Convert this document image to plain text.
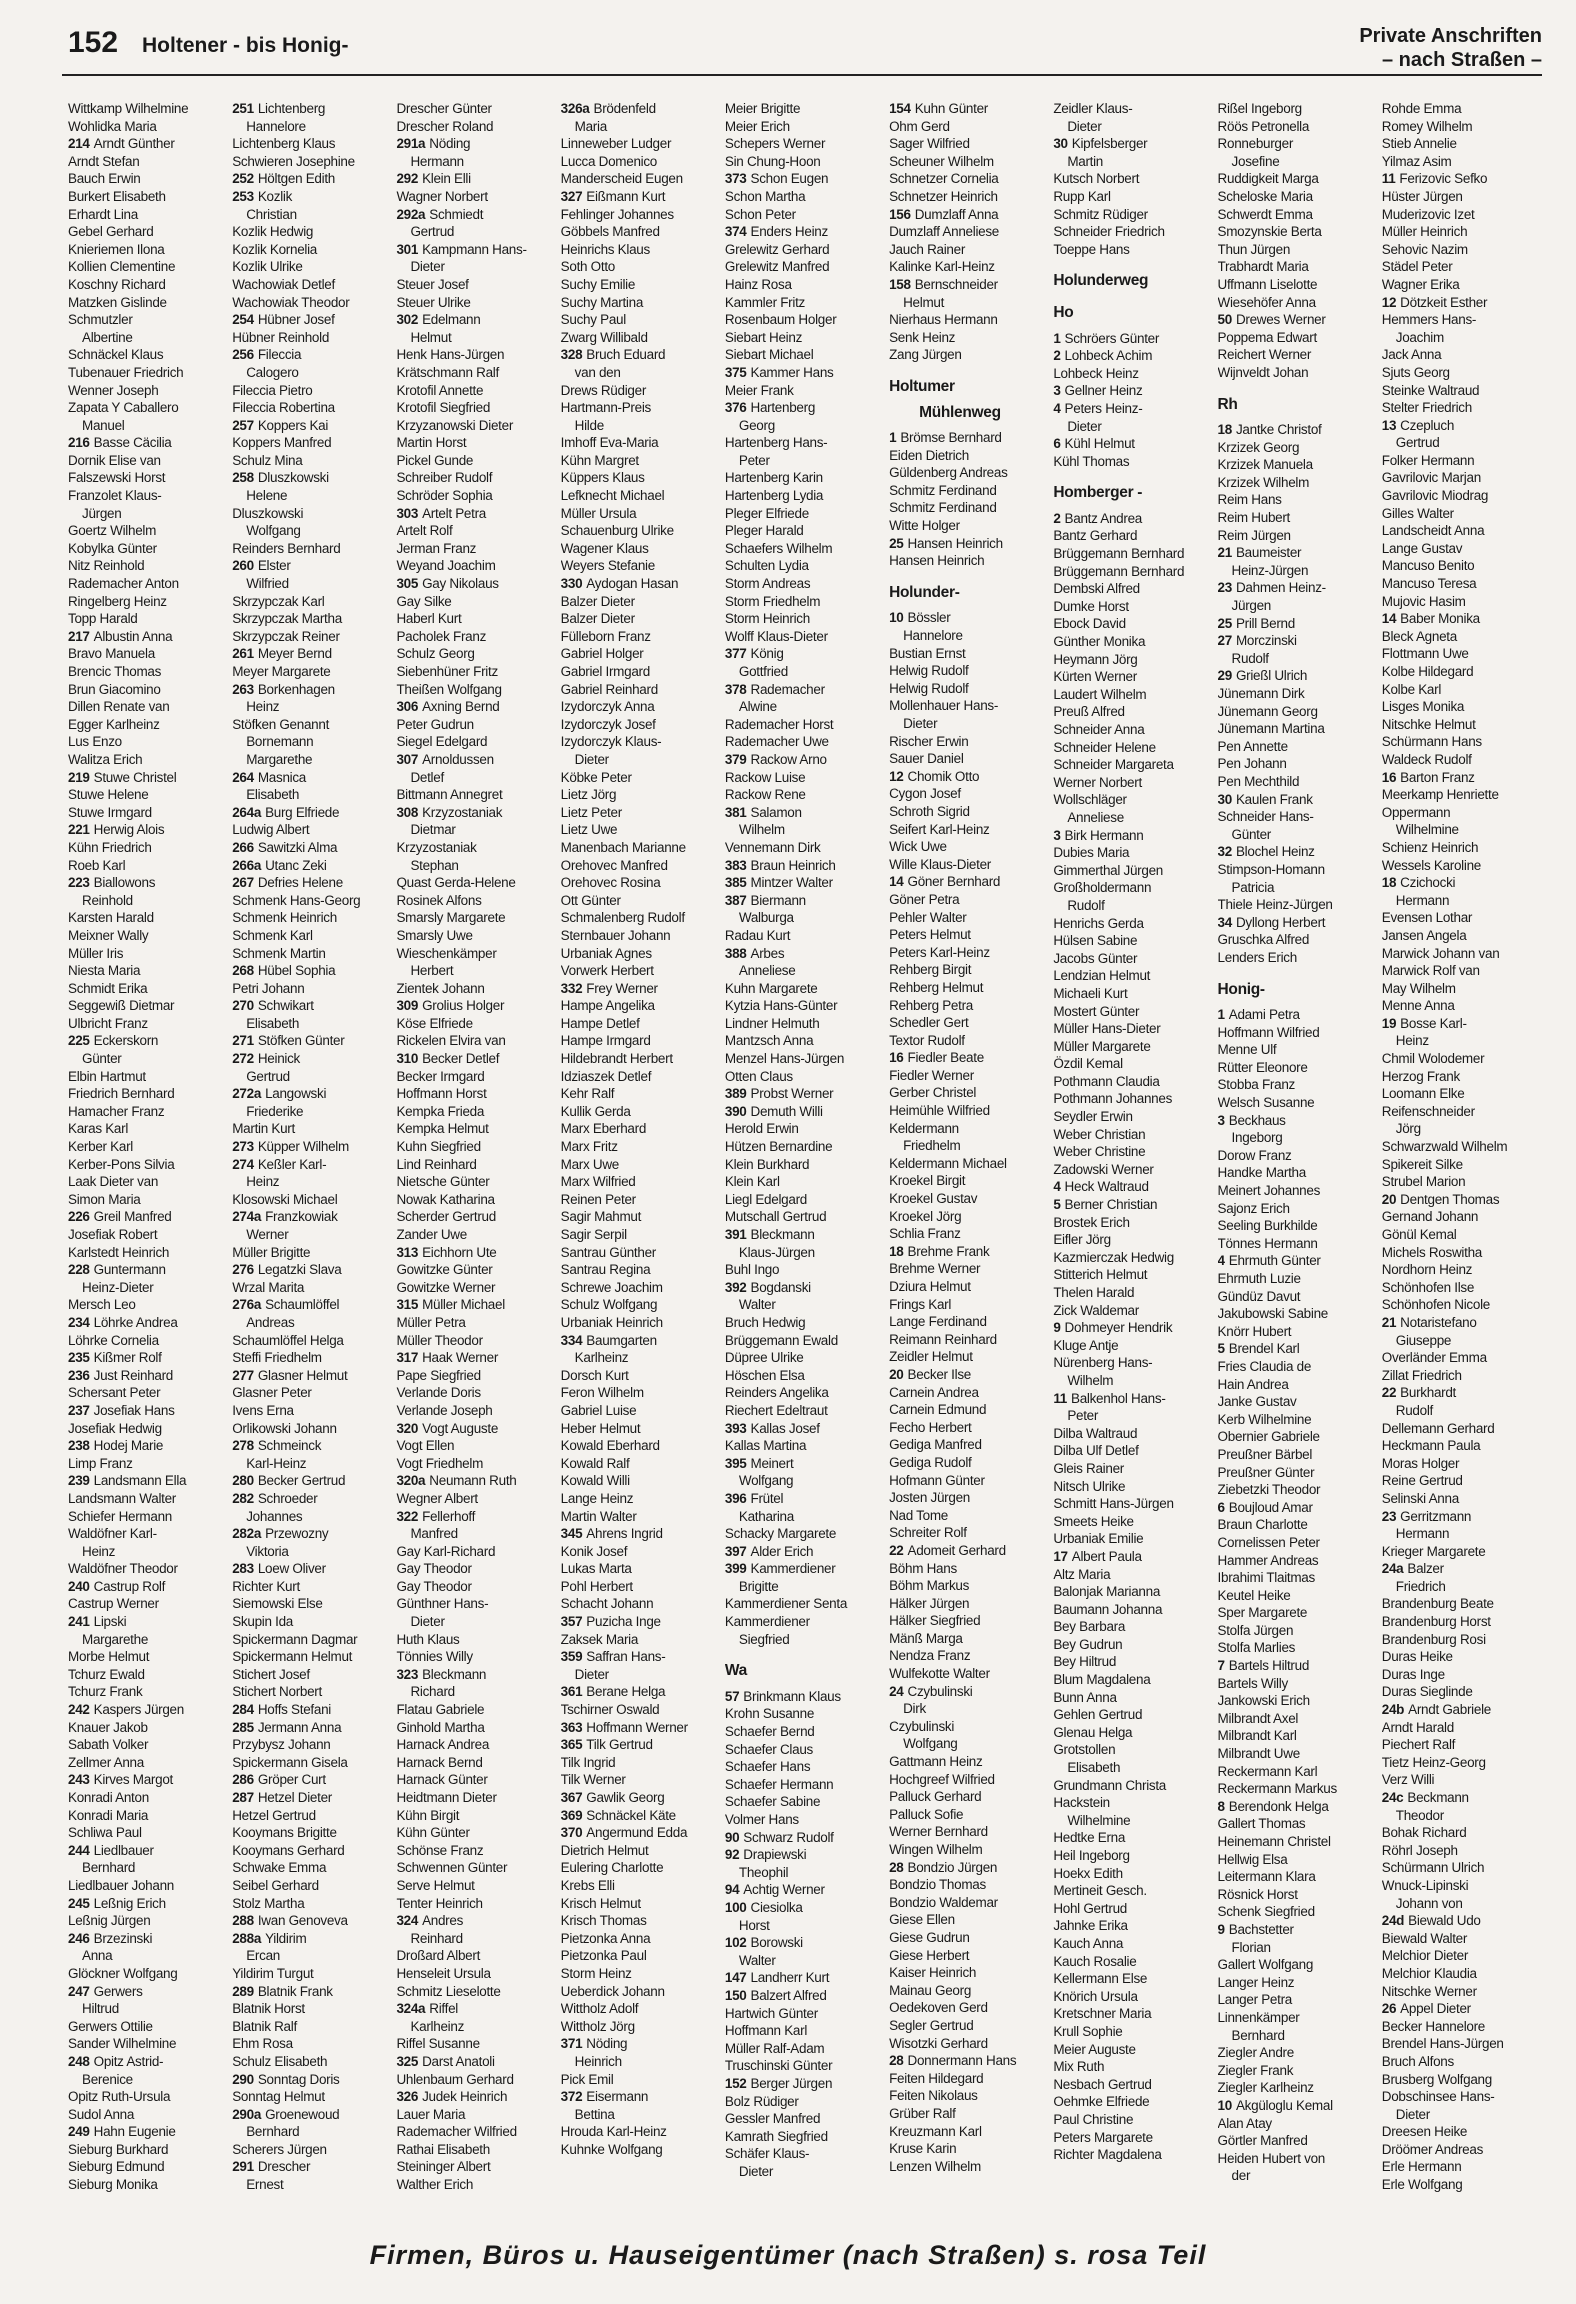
152 Holtener - bis Honig-	Private Anschriften
– nach Straßen –
Wittkamp Wilhelmine
Wohlidka Maria
214 Arndt Günther
Arndt Stefan
Bauch Erwin
Burkert Elisabeth
Erhardt Lina
Gebel Gerhard
Knieriemen Ilona
Kollien Clementine
Koschny Richard
Matzken Gislinde
Schmutzler
Albertine
Schnäckel Klaus
Tubenauer Friedrich
Wenner Joseph
Zapata Y Caballero
Manuel
216 Basse Cäcilia
Dornik Elise van
Falszewski Horst
Franzolet Klaus-
Jürgen
Goertz Wilhelm
Kobylka Günter
Nitz Reinhold
Rademacher Anton
Ringelberg Heinz
Topp Harald
217 Albustin Anna
Bravo Manuela
Brencic Thomas
Brun Giacomino
Dillen Renate van
Egger Karlheinz
Lus Enzo
Walitza Erich
219 Stuwe Christel
Stuwe Helene
Stuwe Irmgard
221 Herwig Alois
Kühn Friedrich
Roeb Karl
223 Biallowons
Reinhold
Karsten Harald
Meixner Wally
Müller Iris
Niesta Maria
Schmidt Erika
Seggewiß Dietmar
Ulbricht Franz
225 Eckerskorn
Günter
Elbin Hartmut
Friedrich Bernhard
Hamacher Franz
Karas Karl
Kerber Karl
Kerber-Pons Silvia
Laak Dieter van
Simon Maria
226 Greil Manfred
Josefiak Robert
Karlstedt Heinrich
228 Guntermann
Heinz-Dieter
Mersch Leo
234 Löhrke Andrea
Löhrke Cornelia
235 Kißmer Rolf
236 Just Reinhard
Schersant Peter
237 Josefiak Hans
Josefiak Hedwig
238 Hodej Marie
Limp Franz
239 Landsmann Ella
Landsmann Walter
Schiefer Hermann
Waldöfner Karl-
Heinz
Waldöfner Theodor
240 Castrup Rolf
Castrup Werner
241 Lipski
Margarethe
Morbe Helmut
Tchurz Ewald
Tchurz Frank
242 Kaspers Jürgen
Knauer Jakob
Sabath Volker
Zellmer Anna
243 Kirves Margot
Konradi Anton
Konradi Maria
Schliwa Paul
244 Liedlbauer
Bernhard
Liedlbauer Johann
245 Leßnig Erich
Leßnig Jürgen
246 Brzezinski
Anna
Glöckner Wolfgang
247 Gerwers
Hiltrud
Gerwers Ottilie
Sander Wilhelmine
248 Opitz Astrid-
Berenice
Opitz Ruth-Ursula
Sudol Anna
249 Hahn Eugenie
Sieburg Burkhard
Sieburg Edmund
Sieburg Monika
251 Lichtenberg
Hannelore
Lichtenberg Klaus
Schwieren Josephine
252 Höltgen Edith
253 Kozlik
Christian
Kozlik Hedwig
Kozlik Kornelia
Kozlik Ulrike
Wachowiak Detlef
Wachowiak Theodor
254 Hübner Josef
Hübner Reinhold
256 Fileccia
Calogero
Fileccia Pietro
Fileccia Robertina
257 Koppers Kai
Koppers Manfred
Schulz Mina
258 Dluszkowski
Helene
Dluszkowski
Wolfgang
Reinders Bernhard
260 Elster
Wilfried
Skrzypczak Karl
Skrzypczak Martha
Skrzypczak Reiner
261 Meyer Bernd
Meyer Margarete
263 Borkenhagen
Heinz
Stöfken Genannt
Bornemann
Margarethe
264 Masnica
Elisabeth
264a Burg Elfriede
Ludwig Albert
266 Sawitzki Alma
266a Utanc Zeki
267 Defries Helene
Schmenk Hans-Georg
Schmenk Heinrich
Schmenk Karl
Schmenk Martin
268 Hübel Sophia
Petri Johann
270 Schwikart
Elisabeth
271 Stöfken Günter
272 Heinick
Gertrud
272a Langowski
Friederike
Martin Kurt
273 Küpper Wilhelm
274 Keßler Karl-
Heinz
Klosowski Michael
274a Franzkowiak
Werner
Müller Brigitte
276 Legatzki Slava
Wrzal Marita
276a Schaumlöffel
Andreas
Schaumlöffel Helga
Steffi Friedhelm
277 Glasner Helmut
Glasner Peter
Ivens Erna
Orlikowski Johann
278 Schmeinck
Karl-Heinz
280 Becker Gertrud
282 Schroeder
Johannes
282a Przewozny
Viktoria
283 Loew Oliver
Richter Kurt
Siemowski Else
Skupin Ida
Spickermann Dagmar
Spickermann Helmut
Stichert Josef
Stichert Norbert
284 Hoffs Stefani
285 Jermann Anna
Przybysz Johann
Spickermann Gisela
286 Gröper Curt
287 Hetzel Dieter
Hetzel Gertrud
Kooymans Brigitte
Kooymans Gerhard
Schwake Emma
Seibel Gerhard
Stolz Martha
288 Iwan Genoveva
288a Yildirim
Ercan
Yildirim Turgut
289 Blatnik Frank
Blatnik Horst
Blatnik Ralf
Ehm Rosa
Schulz Elisabeth
290 Sonntag Doris
Sonntag Helmut
290a Groenewoud
Bernhard
Scherers Jürgen
291 Drescher
Ernest
Drescher Günter
Drescher Roland
291a Nöding
Hermann
292 Klein Elli
Wagner Norbert
292a Schmiedt
Gertrud
301 Kampmann Hans-
Dieter
Steuer Josef
Steuer Ulrike
302 Edelmann
Helmut
Henk Hans-Jürgen
Krätschmann Ralf
Krotofil Annette
Krotofil Siegfried
Krzyzanowski Dieter
Martin Horst
Pickel Gunde
Schreiber Rudolf
Schröder Sophia
303 Artelt Petra
Artelt Rolf
Jerman Franz
Weyand Joachim
305 Gay Nikolaus
Gay Silke
Haberl Kurt
Pacholek Franz
Schulz Georg
Siebenhüner Fritz
Theißen Wolfgang
306 Axning Bernd
Peter Gudrun
Siegel Edelgard
307 Arnoldussen
Detlef
Bittmann Annegret
308 Krzyzostaniak
Dietmar
Krzyzostaniak
Stephan
Quast Gerda-Helene
Rosinek Alfons
Smarsly Margarete
Smarsly Uwe
Wieschenkämper
Herbert
Zientek Johann
309 Grolius Holger
Köse Elfriede
Rickelen Elvira van
310 Becker Detlef
Becker Irmgard
Hoffmann Horst
Kempka Frieda
Kempka Helmut
Kuhn Siegfried
Lind Reinhard
Nietsche Günter
Nowak Katharina
Scherder Gertrud
Zander Uwe
313 Eichhorn Ute
Gowitzke Günter
Gowitzke Werner
315 Müller Michael
Müller Petra
Müller Theodor
317 Haak Werner
Pape Siegfried
Verlande Doris
Verlande Joseph
320 Vogt Auguste
Vogt Ellen
Vogt Friedhelm
320a Neumann Ruth
Wegner Albert
322 Fellerhoff
Manfred
Gay Karl-Richard
Gay Theodor
Gay Theodor
Günthner Hans-
Dieter
Huth Klaus
Tönnies Willy
323 Bleckmann
Richard
Flatau Gabriele
Ginhold Martha
Harnack Andrea
Harnack Bernd
Harnack Günter
Heidtmann Dieter
Kühn Birgit
Kühn Günter
Schönse Franz
Schwennen Günter
Serve Helmut
Tenter Heinrich
324 Andres
Reinhard
Droßard Albert
Henseleit Ursula
Schmitz Lieselotte
324a Riffel
Karlheinz
Riffel Susanne
325 Darst Anatoli
Uhlenbaum Gerhard
326 Judek Heinrich
Lauer Maria
Rademacher Wilfried
Rathai Elisabeth
Steininger Albert
Walther Erich
326a Brödenfeld
Maria
Linneweber Ludger
Lucca Domenico
Manderscheid Eugen
327 Eißmann Kurt
Fehlinger Johannes
Göbbels Manfred
Heinrichs Klaus
Soth Otto
Suchy Emilie
Suchy Martina
Suchy Paul
Zwarg Willibald
328 Bruch Eduard
van den
Drews Rüdiger
Hartmann-Preis
Hilde
Imhoff Eva-Maria
Kühn Margret
Küppers Klaus
Lefknecht Michael
Müller Ursula
Schauenburg Ulrike
Wagener Klaus
Weyers Stefanie
330 Aydogan Hasan
Balzer Dieter
Balzer Dieter
Fülleborn Franz
Gabriel Holger
Gabriel Irmgard
Gabriel Reinhard
Izydorczyk Anna
Izydorczyk Josef
Izydorczyk Klaus-
Dieter
Köbke Peter
Lietz Jörg
Lietz Peter
Lietz Uwe
Manenbach Marianne
Orehovec Manfred
Orehovec Rosina
Ott Günter
Schmalenberg Rudolf
Sternbauer Johann
Urbaniak Agnes
Vorwerk Herbert
332 Frey Werner
Hampe Angelika
Hampe Detlef
Hampe Irmgard
Hildebrandt Herbert
Idziaszek Detlef
Kehr Ralf
Kullik Gerda
Marx Eberhard
Marx Fritz
Marx Uwe
Marx Wilfried
Reinen Peter
Sagir Mahmut
Sagir Serpil
Santrau Günther
Santrau Regina
Schrewe Joachim
Schulz Wolfgang
Urbaniak Heinrich
334 Baumgarten
Karlheinz
Dorsch Kurt
Feron Wilhelm
Gabriel Luise
Heber Helmut
Kowald Eberhard
Kowald Ralf
Kowald Willi
Lange Heinz
Martin Walter
345 Ahrens Ingrid
Konik Josef
Lukas Marta
Pohl Herbert
Schacht Johann
357 Puzicha Inge
Zaksek Maria
359 Saffran Hans-
Dieter
361 Berane Helga
Tschirner Oswald
363 Hoffmann Werner
365 Tilk Gertrud
Tilk Ingrid
Tilk Werner
367 Gawlik Georg
369 Schnäckel Käte
370 Angermund Edda
Dietrich Helmut
Eulering Charlotte
Krebs Elli
Krisch Helmut
Krisch Thomas
Pietzonka Anna
Pietzonka Paul
Storm Heinz
Ueberdick Johann
Wittholz Adolf
Wittholz Jörg
371 Nöding
Heinrich
Pick Emil
372 Eisermann
Bettina
Hrouda Karl-Heinz
Kuhnke Wolfgang
Meier Brigitte
Meier Erich
Schepers Werner
Sin Chung-Hoon
373 Schon Eugen
Schon Martha
Schon Peter
374 Enders Heinz
Grelewitz Gerhard
Grelewitz Manfred
Hainz Rosa
Kammler Fritz
Rosenbaum Holger
Siebart Heinz
Siebart Michael
375 Kammer Hans
Meier Frank
376 Hartenberg
Georg
Hartenberg Hans-
Peter
Hartenberg Karin
Hartenberg Lydia
Pleger Elfriede
Pleger Harald
Schaefers Wilhelm
Schulten Lydia
Storm Andreas
Storm Friedhelm
Storm Heinrich
Wolff Klaus-Dieter
377 König
Gottfried
378 Rademacher
Alwine
Rademacher Horst
Rademacher Uwe
379 Rackow Arno
Rackow Luise
Rackow Rene
381 Salamon
Wilhelm
Vennemann Dirk
383 Braun Heinrich
385 Mintzer Walter
387 Biermann
Walburga
Radau Kurt
388 Arbes
Anneliese
Kuhn Margarete
Kytzia Hans-Günter
Lindner Helmuth
Mantzsch Anna
Menzel Hans-Jürgen
Otten Claus
389 Probst Werner
390 Demuth Willi
Herold Erwin
Hützen Bernardine
Klein Burkhard
Klein Karl
Liegl Edelgard
Mutschall Gertrud
391 Bleckmann
Klaus-Jürgen
Buhl Ingo
392 Bogdanski
Walter
Bruch Hedwig
Brüggemann Ewald
Düpree Ulrike
Höschen Elsa
Reinders Angelika
Riechert Edeltraut
393 Kallas Josef
Kallas Martina
395 Meinert
Wolfgang
396 Frütel
Katharina
Schacky Margarete
397 Alder Erich
399 Kammerdiener
Brigitte
Kammerdiener Senta
Kammerdiener
Siegfried
Wa
57 Brinkmann Klaus
Krohn Susanne
Schaefer Bernd
Schaefer Claus
Schaefer Hans
Schaefer Hermann
Schaefer Sabine
Volmer Hans
90 Schwarz Rudolf
92 Drapiewski
Theophil
94 Achtig Werner
100 Ciesiolka
Horst
102 Borowski
Walter
147 Landherr Kurt
150 Balzert Alfred
Hartwich Günter
Hoffmann Karl
Müller Ralf-Adam
Truschinski Günter
152 Berger Jürgen
Bolz Rüdiger
Gessler Manfred
Kamrath Siegfried
Schäfer Klaus-
Dieter
154 Kuhn Günter
Ohm Gerd
Sager Wilfried
Scheuner Wilhelm
Schnetzer Cornelia
Schnetzer Heinrich
156 Dumzlaff Anna
Dumzlaff Anneliese
Jauch Rainer
Kalinke Karl-Heinz
158 Bernschneider
Helmut
Nierhaus Hermann
Senk Heinz
Zang Jürgen
Holtumer
Mühlenweg
1 Brömse Bernhard
Eiden Dietrich
Güldenberg Andreas
Schmitz Ferdinand
Schmitz Ferdinand
Witte Holger
25 Hansen Heinrich
Hansen Heinrich
Holunder-
10 Bössler
Hannelore
Bustian Ernst
Helwig Rudolf
Helwig Rudolf
Mollenhauer Hans-
Dieter
Rischer Erwin
Sauer Daniel
12 Chomik Otto
Cygon Josef
Schroth Sigrid
Seifert Karl-Heinz
Wick Uwe
Wille Klaus-Dieter
14 Göner Bernhard
Göner Petra
Pehler Walter
Peters Helmut
Peters Karl-Heinz
Rehberg Birgit
Rehberg Helmut
Rehberg Petra
Schedler Gert
Textor Rudolf
16 Fiedler Beate
Fiedler Werner
Gerber Christel
Heimühle Wilfried
Keldermann
Friedhelm
Keldermann Michael
Kroekel Birgit
Kroekel Gustav
Kroekel Jörg
Schlia Franz
18 Brehme Frank
Brehme Werner
Dziura Helmut
Frings Karl
Lange Ferdinand
Reimann Reinhard
Zeidler Helmut
20 Becker Ilse
Carnein Andrea
Carnein Edmund
Fecho Herbert
Gediga Manfred
Gediga Rudolf
Hofmann Günter
Josten Jürgen
Nad Tome
Schreiter Rolf
22 Adomeit Gerhard
Böhm Hans
Böhm Markus
Hälker Jürgen
Hälker Siegfried
Mänß Marga
Nendza Franz
Wulfekotte Walter
24 Czybulinski
Dirk
Czybulinski
Wolfgang
Gattmann Heinz
Hochgreef Wilfried
Palluck Gerhard
Palluck Sofie
Werner Bernhard
Wingen Wilhelm
28 Bondzio Jürgen
Bondzio Thomas
Bondzio Waldemar
Giese Ellen
Giese Gudrun
Giese Herbert
Kaiser Heinrich
Mainau Georg
Oedekoven Gerd
Segler Gertrud
Wisotzki Gerhard
28 Donnermann Hans
Feiten Hildegard
Feiten Nikolaus
Grüber Ralf
Kreuzmann Karl
Kruse Karin
Lenzen Wilhelm
Zeidler Klaus-
Dieter
30 Kipfelsberger
Martin
Kutsch Norbert
Rupp Karl
Schmitz Rüdiger
Schneider Friedrich
Toeppe Hans
Holunderweg
Ho
1 Schröers Günter
2 Lohbeck Achim
Lohbeck Heinz
3 Gellner Heinz
4 Peters Heinz-
Dieter
6 Kühl Helmut
Kühl Thomas
Homberger -
2 Bantz Andrea
Bantz Gerhard
Brüggemann Bernhard
Brüggemann Bernhard
Dembski Alfred
Dumke Horst
Ebock David
Günther Monika
Heymann Jörg
Kürten Werner
Laudert Wilhelm
Preuß Alfred
Schneider Anna
Schneider Helene
Schneider Margareta
Werner Norbert
Wollschläger
Anneliese
3 Birk Hermann
Dubies Maria
Gimmerthal Jürgen
Großholdermann
Rudolf
Henrichs Gerda
Hülsen Sabine
Jacobs Günter
Lendzian Helmut
Michaeli Kurt
Mostert Günter
Müller Hans-Dieter
Müller Margarete
Özdil Kemal
Pothmann Claudia
Pothmann Johannes
Seydler Erwin
Weber Christian
Weber Christine
Zadowski Werner
4 Heck Waltraud
5 Berner Christian
Brostek Erich
Eifler Jörg
Kazmierczak Hedwig
Stitterich Helmut
Thelen Harald
Zick Waldemar
9 Dohmeyer Hendrik
Kluge Antje
Nürenberg Hans-
Wilhelm
11 Balkenhol Hans-
Peter
Dilba Waltraud
Dilba Ulf Detlef
Gleis Rainer
Nitsch Ulrike
Schmitt Hans-Jürgen
Smeets Heike
Urbaniak Emilie
17 Albert Paula
Altz Maria
Balonjak Marianna
Baumann Johanna
Bey Barbara
Bey Gudrun
Bey Hiltrud
Blum Magdalena
Bunn Anna
Gehlen Gertrud
Glenau Helga
Grotstollen
Elisabeth
Grundmann Christa
Hackstein
Wilhelmine
Hedtke Erna
Heil Ingeborg
Hoekx Edith
Mertineit Gesch.
Hohl Gertrud
Jahnke Erika
Kauch Anna
Kauch Rosalie
Kellermann Else
Knörich Ursula
Kretschner Maria
Krull Sophie
Meier Auguste
Mix Ruth
Nesbach Gertrud
Oehmke Elfriede
Paul Christine
Peters Margarete
Richter Magdalena
Rißel Ingeborg
Röös Petronella
Ronneburger
Josefine
Ruddigkeit Marga
Scheloske Maria
Schwerdt Emma
Smozynskie Berta
Thun Jürgen
Trabhardt Maria
Uffmann Liselotte
Wiesehöfer Anna
50 Drewes Werner
Poppema Edwart
Reichert Werner
Wijnveldt Johan
Rh
18 Jantke Christof
Krzizek Georg
Krzizek Manuela
Krzizek Wilhelm
Reim Hans
Reim Hubert
Reim Jürgen
21 Baumeister
Heinz-Jürgen
23 Dahmen Heinz-
Jürgen
25 Prill Bernd
27 Morczinski
Rudolf
29 Grießl Ulrich
Jünemann Dirk
Jünemann Georg
Jünemann Martina
Pen Annette
Pen Johann
Pen Mechthild
30 Kaulen Frank
Schneider Hans-
Günter
32 Blochel Heinz
Stimpson-Homann
Patricia
Thiele Heinz-Jürgen
34 Dyllong Herbert
Gruschka Alfred
Lenders Erich
Honig-
1 Adami Petra
Hoffmann Wilfried
Menne Ulf
Rütter Eleonore
Stobba Franz
Welsch Susanne
3 Beckhaus
Ingeborg
Dorow Franz
Handke Martha
Meinert Johannes
Sajonz Erich
Seeling Burkhilde
Tönnes Hermann
4 Ehrmuth Günter
Ehrmuth Luzie
Gündüz Davut
Jakubowski Sabine
Knörr Hubert
5 Brendel Karl
Fries Claudia de
Hain Andrea
Janke Gustav
Kerb Wilhelmine
Obernier Gabriele
Preußner Bärbel
Preußner Günter
Ziebetzki Theodor
6 Boujloud Amar
Braun Charlotte
Cornelissen Peter
Hammer Andreas
Ibrahimi Tlaitmas
Keutel Heike
Sper Margarete
Stolfa Jürgen
Stolfa Marlies
7 Bartels Hiltrud
Bartels Willy
Jankowski Erich
Milbrandt Axel
Milbrandt Karl
Milbrandt Uwe
Reckermann Karl
Reckermann Markus
8 Berendonk Helga
Gallert Thomas
Heinemann Christel
Hellwig Elsa
Leitermann Klara
Rösnick Horst
Schenk Siegfried
9 Bachstetter
Florian
Gallert Wolfgang
Langer Heinz
Langer Petra
Linnenkämper
Bernhard
Ziegler Andre
Ziegler Frank
Ziegler Karlheinz
10 Akgüloglu Kemal
Alan Atay
Görtler Manfred
Heiden Hubert von
der
Rohde Emma
Romey Wilhelm
Stieb Annelie
Yilmaz Asim
11 Ferizovic Sefko
Hüster Jürgen
Muderizovic Izet
Müller Heinrich
Sehovic Nazim
Städel Peter
Wagner Erika
12 Dötzkeit Esther
Hemmers Hans-
Joachim
Jack Anna
Sjuts Georg
Steinke Waltraud
Stelter Friedrich
13 Czepluch
Gertrud
Folker Hermann
Gavrilovic Marjan
Gavrilovic Miodrag
Gilles Walter
Landscheidt Anna
Lange Gustav
Mancuso Benito
Mancuso Teresa
Mujovic Hasim
14 Baber Monika
Bleck Agneta
Flottmann Uwe
Kolbe Hildegard
Kolbe Karl
Lisges Monika
Nitschke Helmut
Schürmann Hans
Waldeck Rudolf
16 Barton Franz
Meerkamp Henriette
Oppermann
Wilhelmine
Schienz Heinrich
Wessels Karoline
18 Czichocki
Hermann
Evensen Lothar
Jansen Angela
Marwick Johann van
Marwick Rolf van
May Wilhelm
Menne Anna
19 Bosse Karl-
Heinz
Chmil Wolodemer
Herzog Frank
Loomann Elke
Reifenschneider
Jörg
Schwarzwald Wilhelm
Spikereit Silke
Strubel Marion
20 Dentgen Thomas
Gernand Johann
Gönül Kemal
Michels Roswitha
Nordhorn Heinz
Schönhofen Ilse
Schönhofen Nicole
21 Notaristefano
Giuseppe
Overländer Emma
Zillat Friedrich
22 Burkhardt
Rudolf
Dellemann Gerhard
Heckmann Paula
Moras Holger
Reine Gertrud
Selinski Anna
23 Gerritzmann
Hermann
Krieger Margarete
24a Balzer
Friedrich
Brandenburg Beate
Brandenburg Horst
Brandenburg Rosi
Duras Heike
Duras Inge
Duras Sieglinde
24b Arndt Gabriele
Arndt Harald
Piechert Ralf
Tietz Heinz-Georg
Verz Willi
24c Beckmann
Theodor
Bohak Richard
Röhrl Joseph
Schürmann Ulrich
Wnuck-Lipinski
Johann von
24d Biewald Udo
Biewald Walter
Melchior Dieter
Melchior Klaudia
Nitschke Werner
26 Appel Dieter
Becker Hannelore
Brendel Hans-Jürgen
Bruch Alfons
Brusberg Wolfgang
Dobschinsee Hans-
Dieter
Dreesen Heike
Dröömer Andreas
Erle Hermann
Erle Wolfgang
Firmen, Büros u. Hauseigentümer (nach Straßen) s. rosa Teil
